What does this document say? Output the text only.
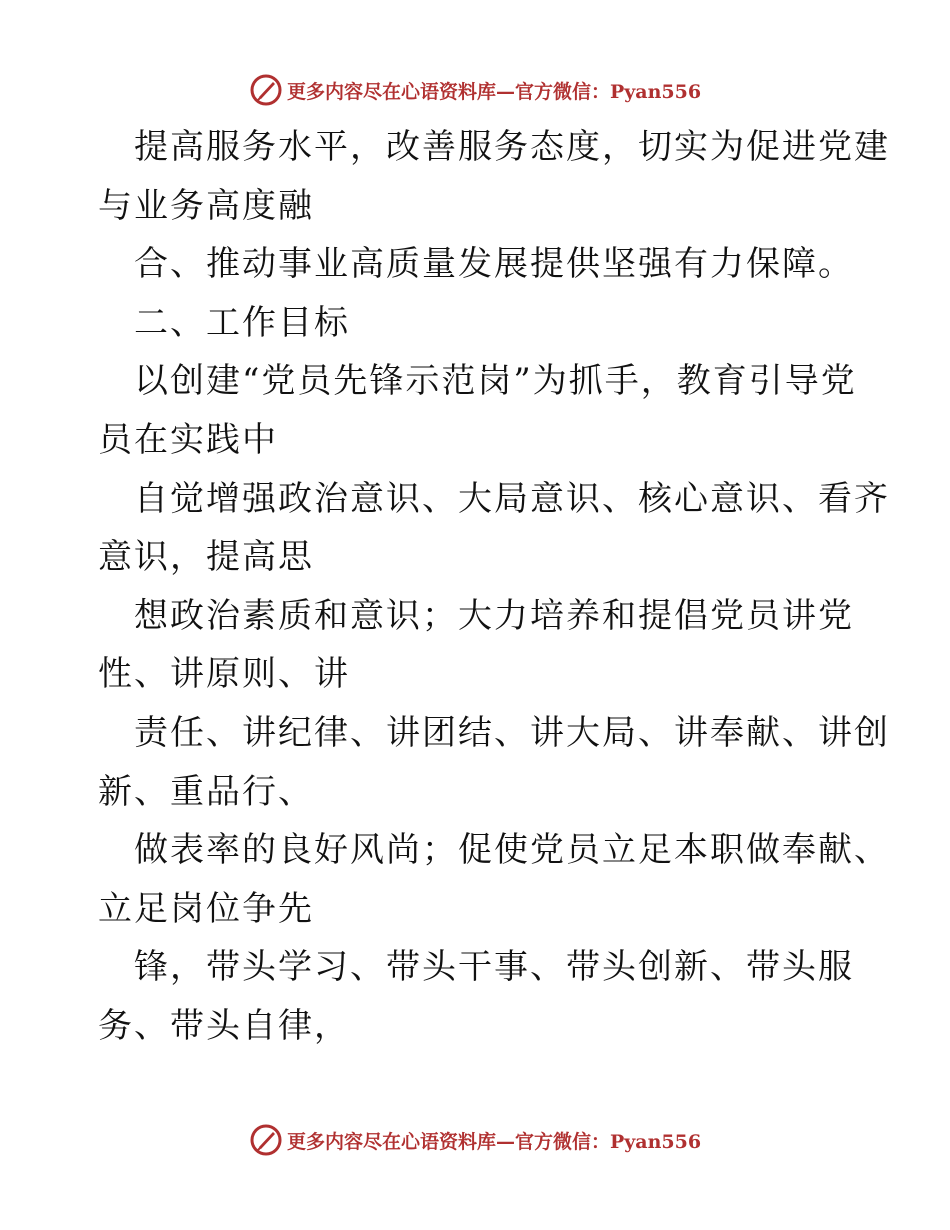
更多内容尽在心语资料库—官方微信：Pyan556
提高服务水平，改善服务态度，切实为促进党建
与业务高度融
合、推动事业高质量发展提供坚强有力保障。
二、工作目标
以创建“党员先锋示范岗”为抓手，教育引导党
员在实践中
自觉增强政治意识、大局意识、核心意识、看齐
意识，提高思
想政治素质和意识；大力培养和提倡党员讲党
性、讲原则、讲
责任、讲纪律、讲团结、讲大局、讲奉献、讲创
新、重品行、
做表率的良好风尚；促使党员立足本职做奉献、
立足岗位争先
锋，带头学习、带头干事、带头创新、带头服
务、带头自律，
更多内容尽在心语资料库—官方微信：Pyan556
